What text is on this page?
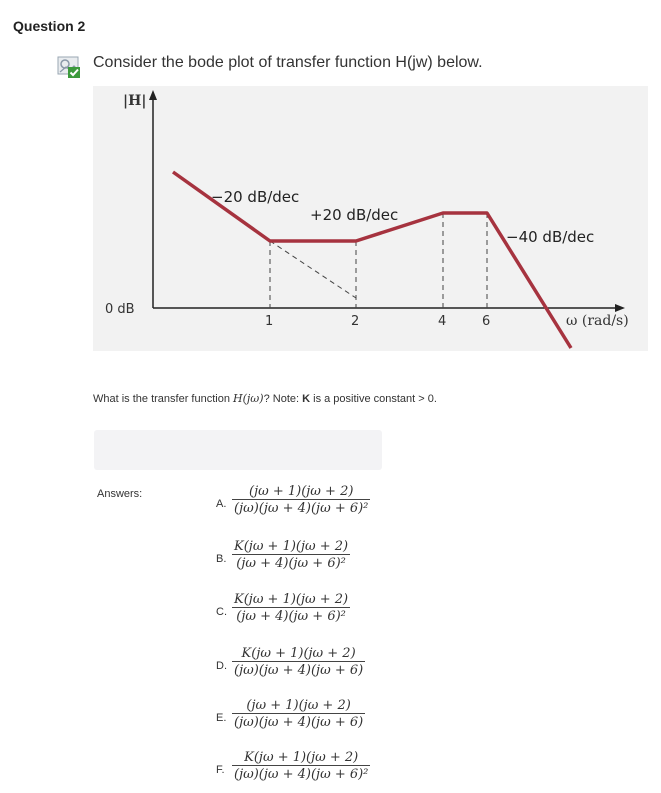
Question 2
Consider the bode plot of transfer function H(jw) below.
|H|
0 dB
1	2	4	6	ω (rad/s)
−20 dB/dec
+20 dB/dec
−40 dB/dec
What is the transfer function H(jω)? Note: K is a positive constant > 0.
Answers:
A. $\frac{(j\omega + 1)(j\omega + 2)}{\text{(jω)(jω + 4)(jω + 6)²}}$
B. $\frac{K(j\omega + 1)(j\omega + 2)}{\text{(jω + 4)(jω + 6)²}}$
C. $\frac{K(j\omega + 1)(j\omega + 2)}{\text{(jω + 4)(jω + 6)²}}$
D. $\frac{K(j\omega + 1)(j\omega + 2)}{(j\omega)(j\omega + 4)(j\omega + 6)}$
E. $\frac{(j\omega + 1)(j\omega + 2)}{(j\omega)(j\omega + 4)(j\omega + 6)}$
F. $\frac{K(j\omega + 1)(j\omega + 2)}{\text{(jω)(jω + 4)(jω + 6)²}}$
